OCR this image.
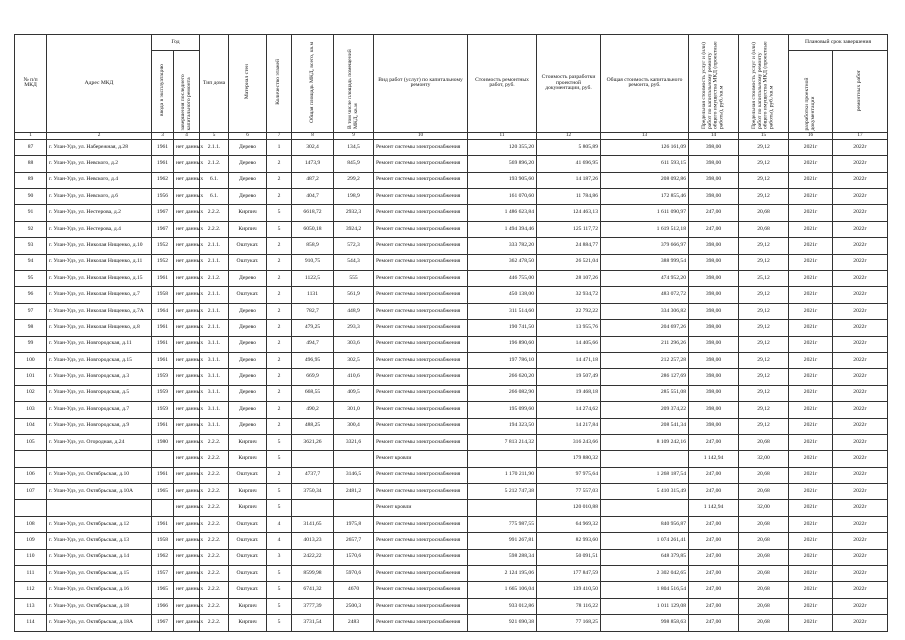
№ п/п МКД	Адрес МКД	Год		Тип дома	Материал стен	Количество этажей	Общая площадь МКД, всего, кв.м	В том числе площадь помещений МКД, кв.м	Вид работ (услуг) по капитальному ремонту	Стоимость ремонтных работ, руб.	Стоимость разработки проектной документации, руб.	Общая стоимость капитального ремонта, руб.	Предельная стоимость услуг и (или) работ по капитальному ремонту общего имущества МКД (проектные работы), руб./кв.м	Предельная стоимость услуг и (или) работ по капитальному ремонту общего имущества МКД (проектные работы), руб./кв.м	Плановый срок завершения	
		ввода в эксплуатацию	завершения последнего капитального ремонта												разработки проектной документации	ремонтных работ
1	2	3	4	5	6	7	8	9	10	11	12	13	14	15	16	17
87	г. Улан-Удэ, ул. Набережная, д.28	1961	нет данных	2.1.1.	Дерево	1	302,4	134,5	Ремонт системы электроснабжения	120 355,20	5 805,89	126 161,09	398,00	29,12	2021г	2022г
88	г. Улан-Удэ, ул. Невского, д.2	1961	нет данных	2.1.2.	Дерево	2	1473,9	845,9	Ремонт системы электроснабжения	569 896,20	41 696,95	611 593,15	398,00	29,12	2021г	2022г
89	г. Улан-Удэ, ул. Невского, д.4	1962	нет данных	6.1.	Дерево	2	487,2	299,2	Ремонт системы электроснабжения	193 905,60	14 187,26	208 092,86	398,00	29,12	2021г	2022г
90	г. Улан-Удэ, ул. Невского, д.6	1956	нет данных	6.1.	Дерево	2	404,7	198,9	Ремонт системы электроснабжения	161 070,60	11 784,86	172 855,46	398,00	29,12	2021г	2022г
91	г. Улан-Удэ, ул. Нестерова, д.2	1967	нет данных	2.2.2.	Кирпич	5	6618,72	2932,3	Ремонт системы электроснабжения	1 486 623,84	124 463,13	1 611 090,97	247,00	20,68	2021г	2022г
92	г. Улан-Удэ, ул. Нестерова, д.4	1967	нет данных	2.2.2.	Кирпич	5	6050,18	3924,2	Ремонт системы электроснабжения	1 494 394,46	125 117,72	1 619 512,18	247,00	20,68	2021г	2022г
93	г. Улан-Удэ, ул. Николая Нищенко, д.10	1952	нет данных	2.1.1.	Оштукат.	2	858,9	572,3	Ремонт системы электроснабжения	333 782,20	24 884,77	379 666,97	398,00	29,12	2021г	2022г
94	г. Улан-Удэ, ул. Николая Нищенко, д.11	1952	нет данных	2.1.1.	Оштукат.	2	910,75	544,3	Ремонт системы электроснабжения	362 478,50	26 521,04	388 999,54	398,00	29,12	2021г	2022г
95	г. Улан-Удэ, ул. Николая Нищенко, д.15	1961	нет данных	2.1.2.	Дерево	2	1122,5	555	Ремонт системы электроснабжения	446 755,00	28 107,26	474 952,20	398,00	25,12	2021г	2022г
96	г. Улан-Удэ, ул. Николая Нищенко, д.7	1958	нет данных	2.1.1.	Оштукат.	2	1131	561,9	Ремонт системы электроснабжения	450 138,00	32 934,72	483 072,72	398,00	29,12	2021г	2022г
97	г. Улан-Удэ, ул. Николая Нищенко, д.7А	1964	нет данных	2.1.1.	Дерево	2	782,7	448,9	Ремонт системы электроснабжения	311 514,60	22 792,22	334 306,82	398,00	29,12	2021г	2022г
98	г. Улан-Удэ, ул. Николая Нищенко, д.8	1961	нет данных	2.1.1.	Дерево	2	479,25	293,3	Ремонт системы электроснабжения	190 741,50	13 955,76	204 697,26	398,00	29,12	2021г	2022г
99	г. Улан-Удэ, ул. Новгородская, д.11	1961	нет данных	3.1.1.	Дерево	2	494,7	303,6	Ремонт системы электроснабжения	196 890,60	14 405,66	211 296,26	398,00	29,12	2021г	2022г
100	г. Улан-Удэ, ул. Новгородская, д.15	1961	нет данных	3.1.1.	Дерево	2	496,95	302,5	Ремонт системы электроснабжения	197 786,10	14 471,18	212 257,28	398,00	29,12	2021г	2022г
101	г. Улан-Удэ, ул. Новгородская, д.3	1959	нет данных	3.1.1.	Дерево	2	669,9	410,6	Ремонт системы электроснабжения	266 620,20	19 507,49	286 127,69	398,00	29,12	2021г	2022г
102	г. Улан-Удэ, ул. Новгородская, д.5	1959	нет данных	3.1.1.	Дерево	2	668,55	409,5	Ремонт системы электроснабжения	266 082,90	19 468,18	285 551,08	398,00	29,12	2021г	2022г
103	г. Улан-Удэ, ул. Новгородская, д.7	1959	нет данных	3.1.1.	Дерево	2	490,2	301,0	Ремонт системы электроснабжения	195 099,60	14 274,62	209 374,22	398,00	29,12	2021г	2022г
104	г. Улан-Удэ, ул. Новгородская, д.9	1961	нет данных	3.1.1.	Дерево	2	488,25	300,4	Ремонт системы электроснабжения	194 323,50	14 217,84	208 541,34	398,00	29,12	2021г	2022г
105	г. Улан-Удэ, ул. Огородная, д.24	1980	нет данных	2.2.2.	Кирпич	5	3621,26	3321,6	Ремонт системы электроснабжения	7 813 214,32	316 243,66	8 109 242,16	247,00	20,68	2021г	2022г
			нет данных	2.2.2.	Кирпич	5			Ремонт кровли		179 880,32		1 142,94	32,00	2021г	2022г
106	г. Улан-Удэ, ул. Октябрьская, д.10	1961	нет данных	2.2.2.	Оштукат.	2	4737,7	3146,5	Ремонт системы электроснабжения	1 170 211,90	97 975,64	1 268 187,54	247,00	20,68	2021г	2022г
107	г. Улан-Удэ, ул. Октябрьская, д.10А	1965	нет данных	2.2.2.	Кирпич	5	3750,34	2481,2	Ремонт системы электроснабжения	5 212 747,38	77 557,03	5 410 315,49	247,00	20,68	2021г	2022г
			нет данных	2.2.2.	Кирпич	5			Ремонт кровли		120 010,88		1 142,94	32,00	2021г	2022г
108	г. Улан-Удэ, ул. Октябрьская, д.12	1961	нет данных	2.2.2.	Оштукат.	4	3141,65	1975,8	Ремонт системы электроснабжения	775 987,55	64 969,32	840 956,87	247,00	20,68	2021г	2022г
109	г. Улан-Удэ, ул. Октябрьская, д.13	1958	нет данных	2.2.2.	Оштукат.	4	4013,23	2657,7	Ремонт системы электроснабжения	991 267,81	82 993,60	1 074 261,41	247,00	20,68	2021г	2022г
110	г. Улан-Удэ, ул. Октябрьская, д.14	1962	нет данных	2.2.2.	Оштукат.	3	2422,22	1570,6	Ремонт системы электроснабжения	598 288,34	50 091,51	648 379,85	247,00	20,68	2021г	2022г
111	г. Улан-Удэ, ул. Октябрьская, д.15	1957	нет данных	2.2.2.	Оштукат.	5	8599,98	5970,6	Ремонт системы электроснабжения	2 124 195,06	177 847,59	2 302 042,65	247,00	20,68	2021г	2022г
112	г. Улан-Удэ, ул. Октябрьская, д.16	1965	нет данных	2.2.2.	Оштукат.	5	6741,32	4670	Ремонт системы электроснабжения	1 665 106,04	139 410,50	1 804 516,54	247,00	20,68	2021г	2022г
113	г. Улан-Удэ, ул. Октябрьская, д.18	1966	нет данных	2.2.2.	Кирпич	5	3777,39	2500,3	Ремонт системы электроснабжения	933 012,86	78 116,22	1 011 129,08	247,00	20,68	2021г	2022г
114	г. Улан-Удэ, ул. Октябрьская, д.18А	1967	нет данных	2.2.2.	Кирпич	5	3731,54	2483	Ремонт системы электроснабжения	921 690,38	77 168,25	998 858,63	247,00	20,68	2021г	2022г
